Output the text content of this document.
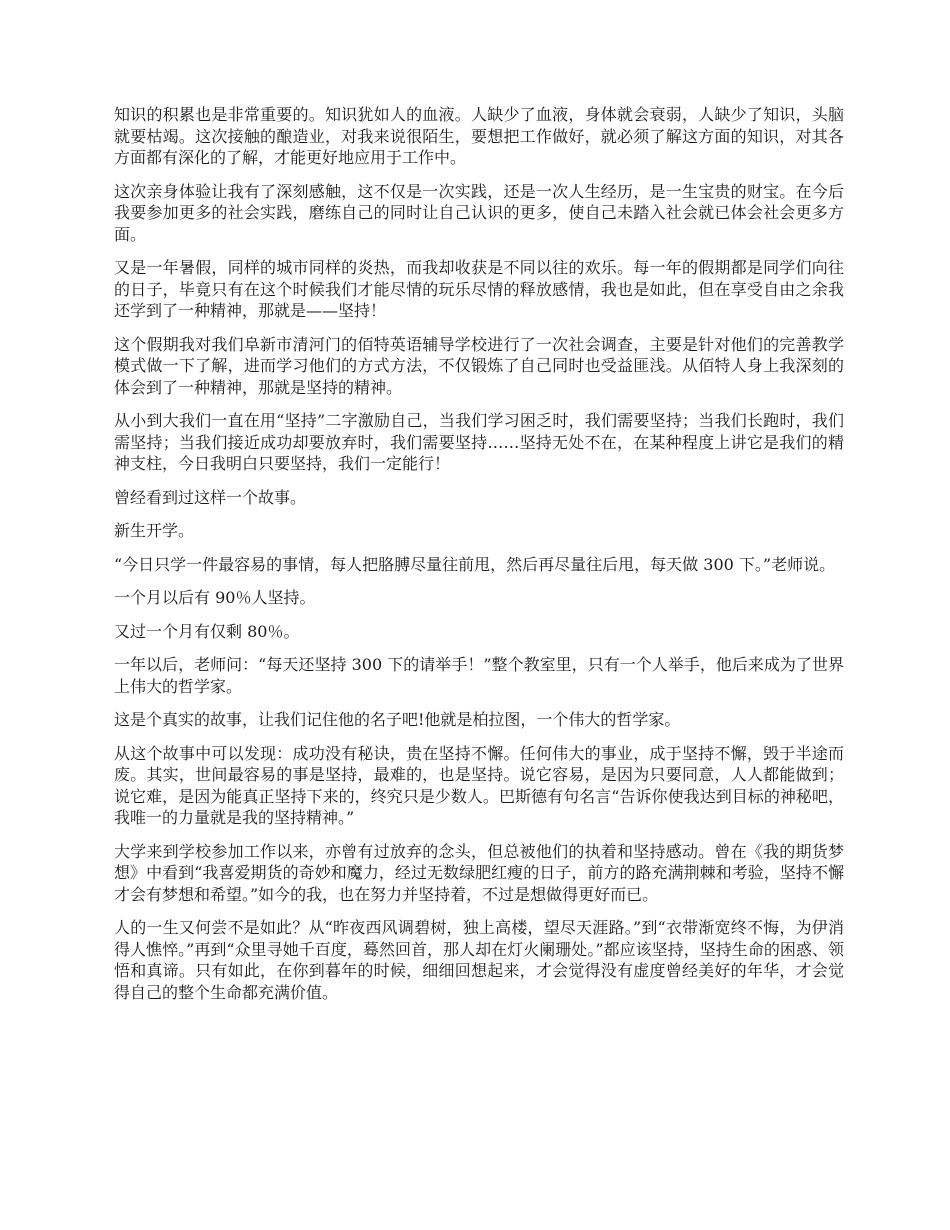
知识的积累也是非常重要的。知识犹如人的血液。人缺少了血液，身体就会衰弱，人缺少了知识，头脑就要枯竭。这次接触的酿造业，对我来说很陌生，要想把工作做好，就必须了解这方面的知识，对其各方面都有深化的了解，才能更好地应用于工作中。

这次亲身体验让我有了深刻感触，这不仅是一次实践，还是一次人生经历，是一生宝贵的财宝。在今后我要参加更多的社会实践，磨练自己的同时让自己认识的更多，使自己未踏入社会就已体会社会更多方面。

又是一年暑假，同样的城市同样的炎热，而我却收获是不同以往的欢乐。每一年的假期都是同学们向往的日子，毕竟只有在这个时候我们才能尽情的玩乐尽情的释放感情，我也是如此，但在享受自由之余我还学到了一种精神，那就是——坚持！

这个假期我对我们阜新市清河门的佰特英语辅导学校进行了一次社会调查，主要是针对他们的完善教学模式做一下了解，进而学习他们的方式方法，不仅锻炼了自己同时也受益匪浅。从佰特人身上我深刻的体会到了一种精神，那就是坚持的精神。

从小到大我们一直在用“坚持”二字激励自己，当我们学习困乏时，我们需要坚持；当我们长跑时，我们需坚持；当我们接近成功却要放弃时，我们需要坚持……坚持无处不在，在某种程度上讲它是我们的精神支柱，今日我明白只要坚持，我们一定能行！

曾经看到过这样一个故事。

新生开学。

“今日只学一件最容易的事情，每人把胳膊尽量往前甩，然后再尽量往后甩，每天做 300 下。”老师说。

一个月以后有 90％人坚持。

又过一个月有仅剩 80％。

一年以后，老师问：“每天还坚持 300 下的请举手！”整个教室里，只有一个人举手，他后来成为了世界上伟大的哲学家。

这是个真实的故事，让我们记住他的名子吧!他就是柏拉图，一个伟大的哲学家。

从这个故事中可以发现：成功没有秘诀，贵在坚持不懈。任何伟大的事业，成于坚持不懈，毁于半途而废。其实，世间最容易的事是坚持，最难的，也是坚持。说它容易，是因为只要同意，人人都能做到；说它难，是因为能真正坚持下来的，终究只是少数人。巴斯德有句名言“告诉你使我达到目标的神秘吧，我唯一的力量就是我的坚持精神。”

大学来到学校参加工作以来，亦曾有过放弃的念头，但总被他们的执着和坚持感动。曾在《我的期货梦想》中看到“我喜爱期货的奇妙和魔力，经过无数绿肥红瘦的日子，前方的路充满荆棘和考验，坚持不懈才会有梦想和希望。”如今的我，也在努力并坚持着，不过是想做得更好而已。

人的一生又何尝不是如此？从“昨夜西风调碧树，独上高楼，望尽天涯路。”到“衣带渐宽终不悔，为伊消得人憔悴。”再到“众里寻她千百度，蓦然回首，那人却在灯火阑珊处。”都应该坚持，坚持生命的困惑、领悟和真谛。只有如此，在你到暮年的时候，细细回想起来，才会觉得没有虚度曾经美好的年华，才会觉得自己的整个生命都充满价值。
